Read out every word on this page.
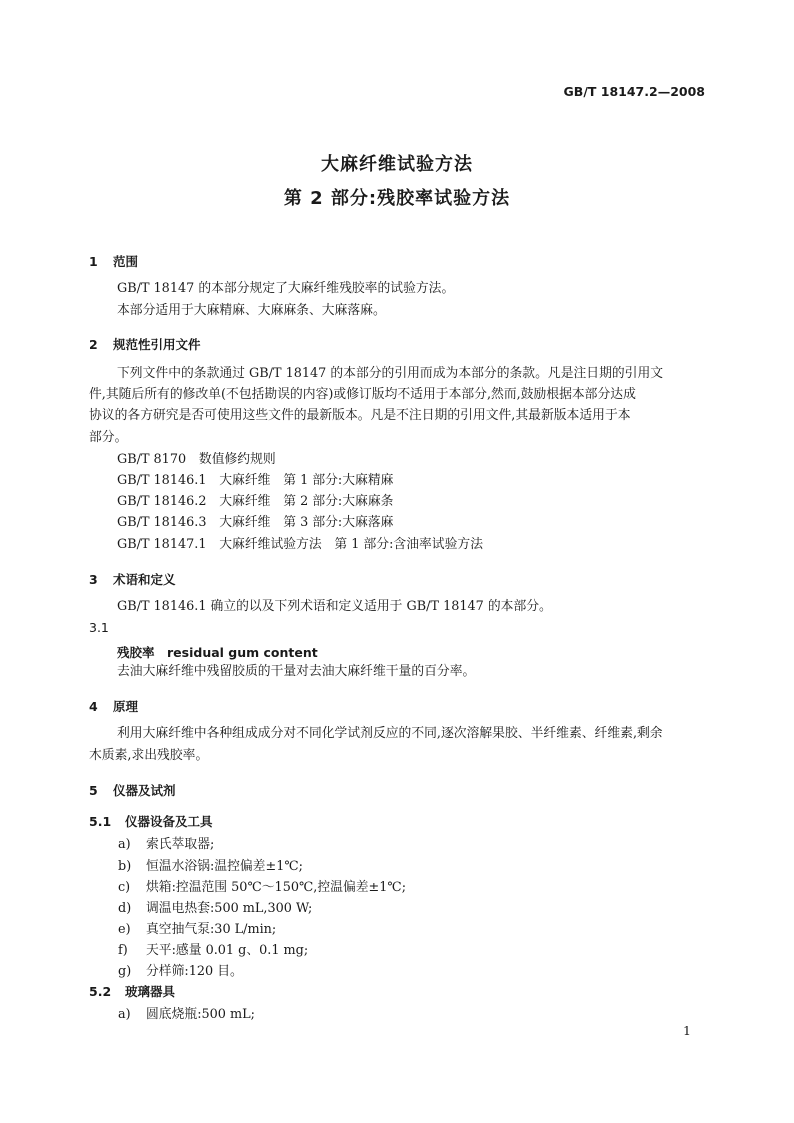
GB/T 18147.2—2008
大麻纤维试验方法
第 2 部分:残胶率试验方法
1 范围
GB/T 18147 的本部分规定了大麻纤维残胶率的试验方法。
本部分适用于大麻精麻、大麻麻条、大麻落麻。
2 规范性引用文件
下列文件中的条款通过 GB/T 18147 的本部分的引用而成为本部分的条款。凡是注日期的引用文
件,其随后所有的修改单(不包括勘误的内容)或修订版均不适用于本部分,然而,鼓励根据本部分达成
协议的各方研究是否可使用这些文件的最新版本。凡是不注日期的引用文件,其最新版本适用于本
部分。
GB/T 8170　数值修约规则
GB/T 18146.1　大麻纤维　第 1 部分:大麻精麻
GB/T 18146.2　大麻纤维　第 2 部分:大麻麻条
GB/T 18146.3　大麻纤维　第 3 部分:大麻落麻
GB/T 18147.1　大麻纤维试验方法　第 1 部分:含油率试验方法
3 术语和定义
GB/T 18146.1 确立的以及下列术语和定义适用于 GB/T 18147 的本部分。
3.1
残胶率　residual gum content
去油大麻纤维中残留胶质的干量对去油大麻纤维干量的百分率。
4 原理
利用大麻纤维中各种组成成分对不同化学试剂反应的不同,逐次溶解果胶、半纤维素、纤维素,剩余
木质素,求出残胶率。
5 仪器及试剂
5.1 仪器设备及工具
a) 索氏萃取器;
b) 恒温水浴锅:温控偏差±1℃;
c) 烘箱:控温范围 50℃～150℃,控温偏差±1℃;
d) 调温电热套:500 mL,300 W;
e) 真空抽气泵:30 L/min;
f) 天平:感量 0.01 g、0.1 mg;
g) 分样筛:120 目。
5.2 玻璃器具
a) 圆底烧瓶:500 mL;
1
